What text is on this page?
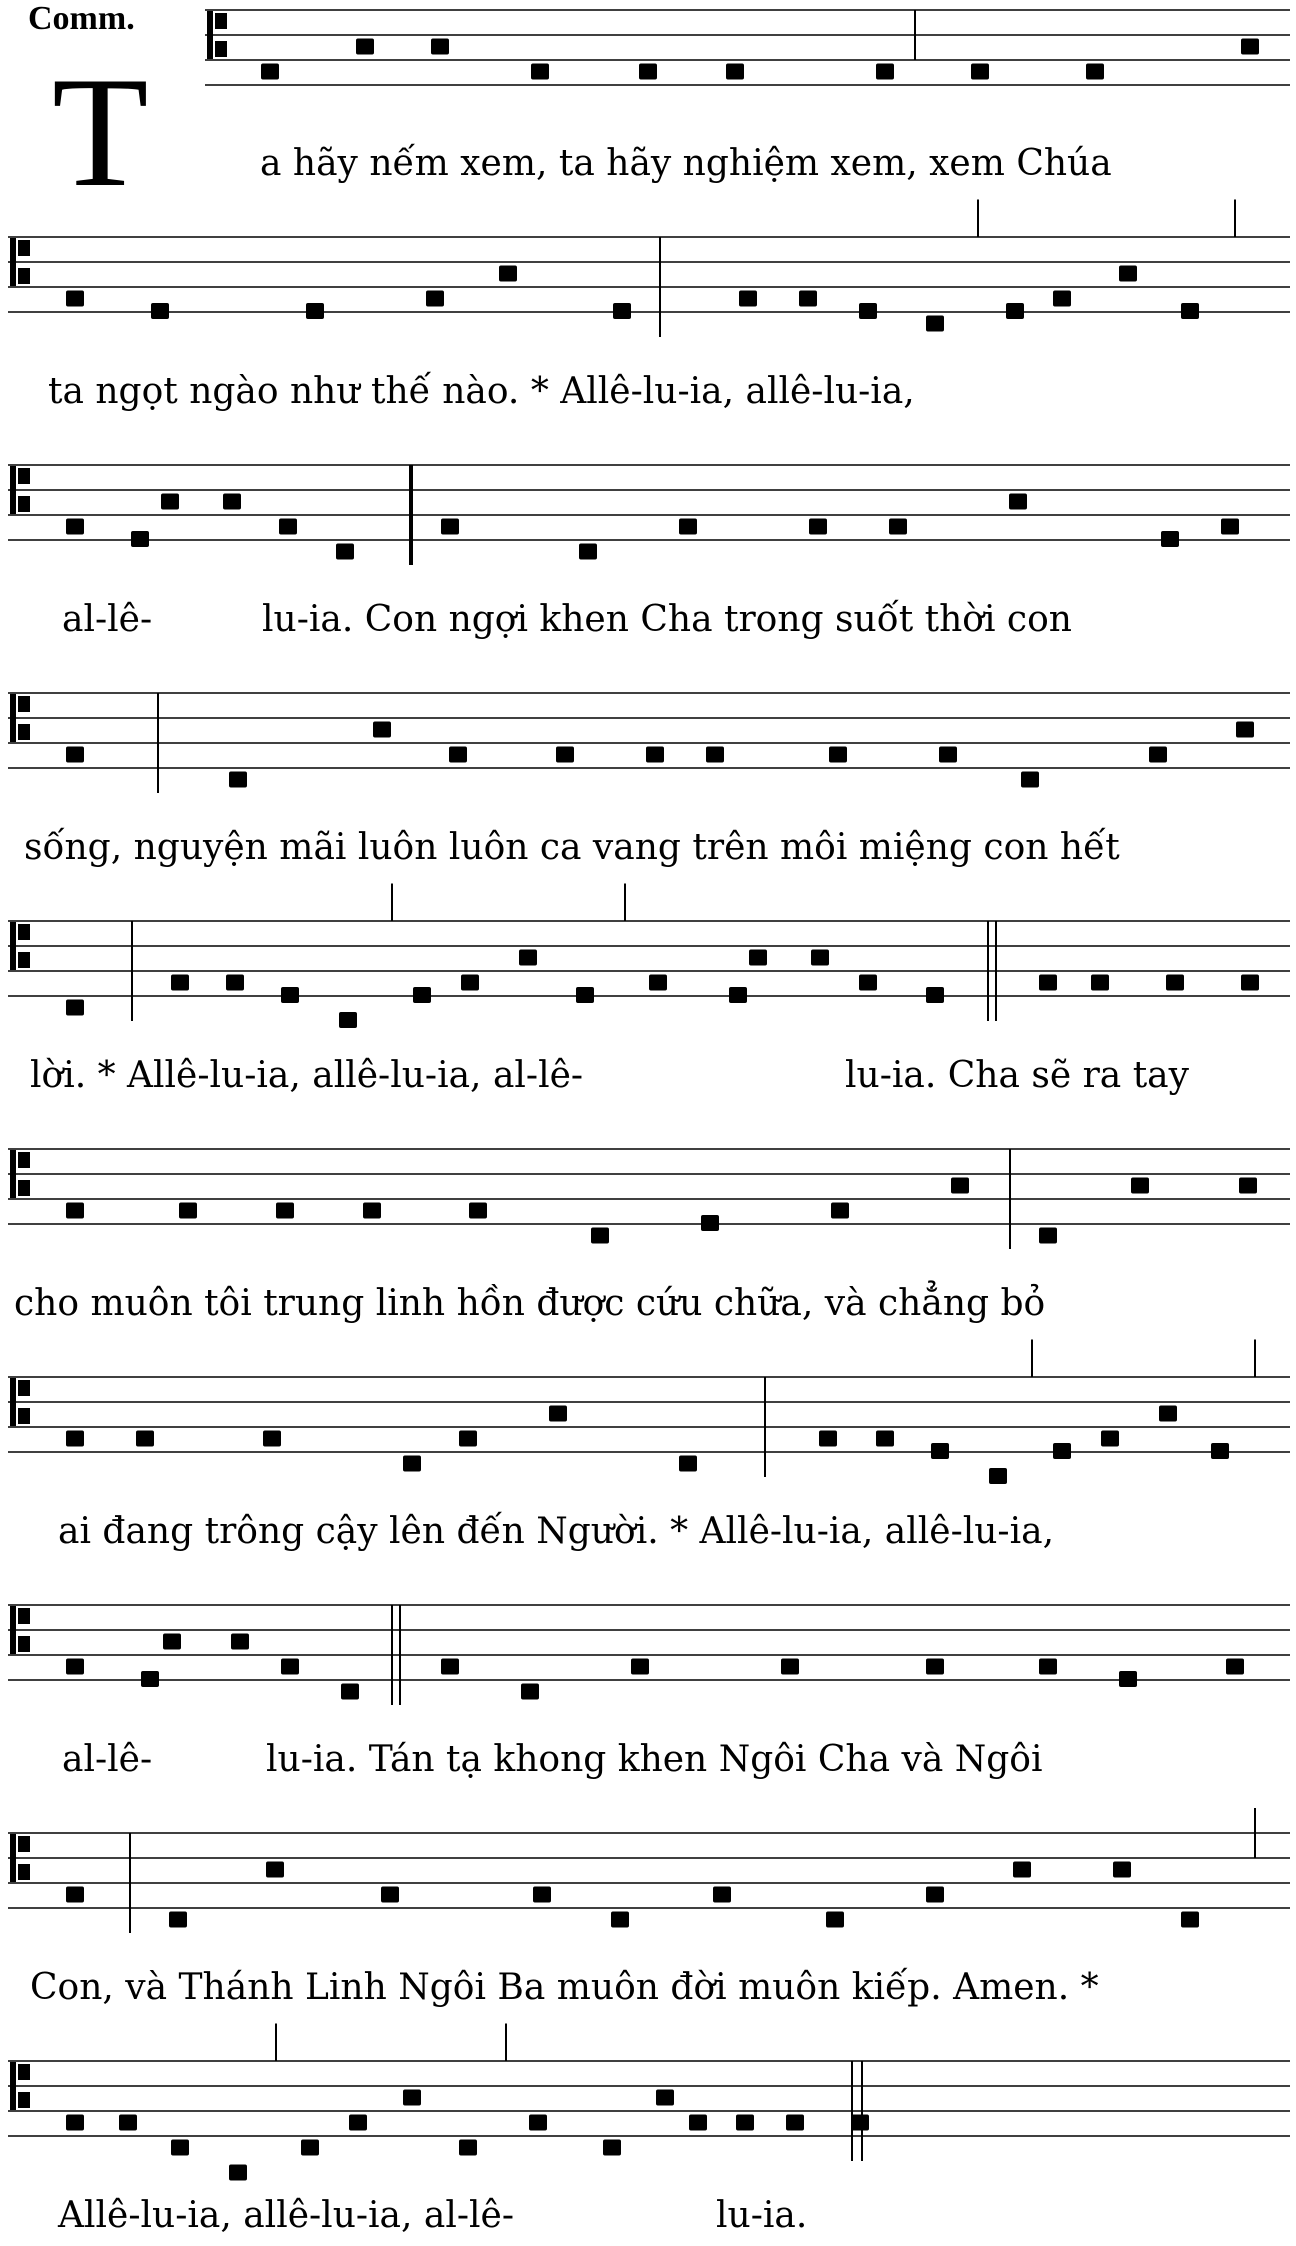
Comm.
T	a hãy nếm xem, ta hãy nghiệm xem, xem Chúa
ta ngọt ngào như thế nào. * Allê-lu-ia, allê-lu-ia,
al-lê-	lu-ia. Con ngợi khen Cha trong suốt thời con
sống, nguyện mãi luôn luôn ca vang trên môi miệng con hết
lời. * Allê-lu-ia, allê-lu-ia, al-lê-	lu-ia. Cha sẽ ra tay
cho muôn tôi trung linh hồn được cứu chữa, và chẳng bỏ
ai đang trông cậy lên đến Người. * Allê-lu-ia, allê-lu-ia,
al-lê-	lu-ia. Tán tạ khong khen Ngôi Cha và Ngôi
Con, và Thánh Linh Ngôi Ba muôn đời muôn kiếp. Amen. *
Allê-lu-ia, allê-lu-ia, al-lê-	lu-ia.
